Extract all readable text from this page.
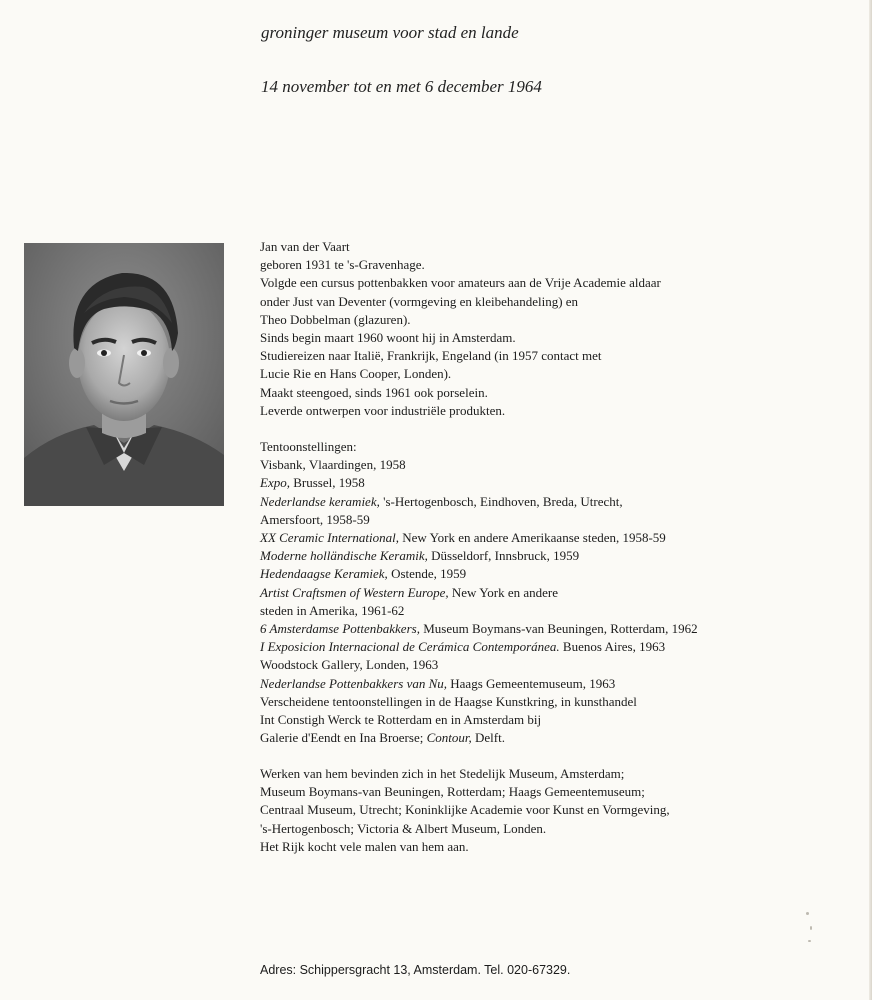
groninger museum voor stad en lande
14 november tot en met 6 december 1964
Jan van der Vaart
geboren 1931 te 's-Gravenhage.
Volgde een cursus pottenbakken voor amateurs aan de Vrije Academie aldaar
onder Just van Deventer (vormgeving en kleibehandeling) en
Theo Dobbelman (glazuren).
Sinds begin maart 1960 woont hij in Amsterdam.
Studiereizen naar Italië, Frankrijk, Engeland (in 1957 contact met
Lucie Rie en Hans Cooper, Londen).
Maakt steengoed, sinds 1961 ook porselein.
Leverde ontwerpen voor industriële produkten.
Tentoonstellingen:
Visbank, Vlaardingen, 1958
Expo, Brussel, 1958
Nederlandse keramiek, 's-Hertogenbosch, Eindhoven, Breda, Utrecht,
Amersfoort, 1958-59
XX Ceramic International, New York en andere Amerikaanse steden, 1958-59
Moderne holländische Keramik, Düsseldorf, Innsbruck, 1959
Hedendaagse Keramiek, Ostende, 1959
Artist Craftsmen of Western Europe, New York en andere
steden in Amerika, 1961-62
6 Amsterdamse Pottenbakkers, Museum Boymans-van Beuningen, Rotterdam, 1962
I Exposicion Internacional de Cerámica Contemporánea. Buenos Aires, 1963
Woodstock Gallery, Londen, 1963
Nederlandse Pottenbakkers van Nu, Haags Gemeentemuseum, 1963
Verscheidene tentoonstellingen in de Haagse Kunstkring, in kunsthandel
Int Constigh Werck te Rotterdam en in Amsterdam bij
Galerie d'Eendt en Ina Broerse; Contour, Delft.
Werken van hem bevinden zich in het Stedelijk Museum, Amsterdam;
Museum Boymans-van Beuningen, Rotterdam; Haags Gemeentemuseum;
Centraal Museum, Utrecht; Koninklijke Academie voor Kunst en Vormgeving,
's-Hertogenbosch; Victoria & Albert Museum, Londen.
Het Rijk kocht vele malen van hem aan.
Adres: Schippersgracht 13, Amsterdam. Tel. 020-67329.
